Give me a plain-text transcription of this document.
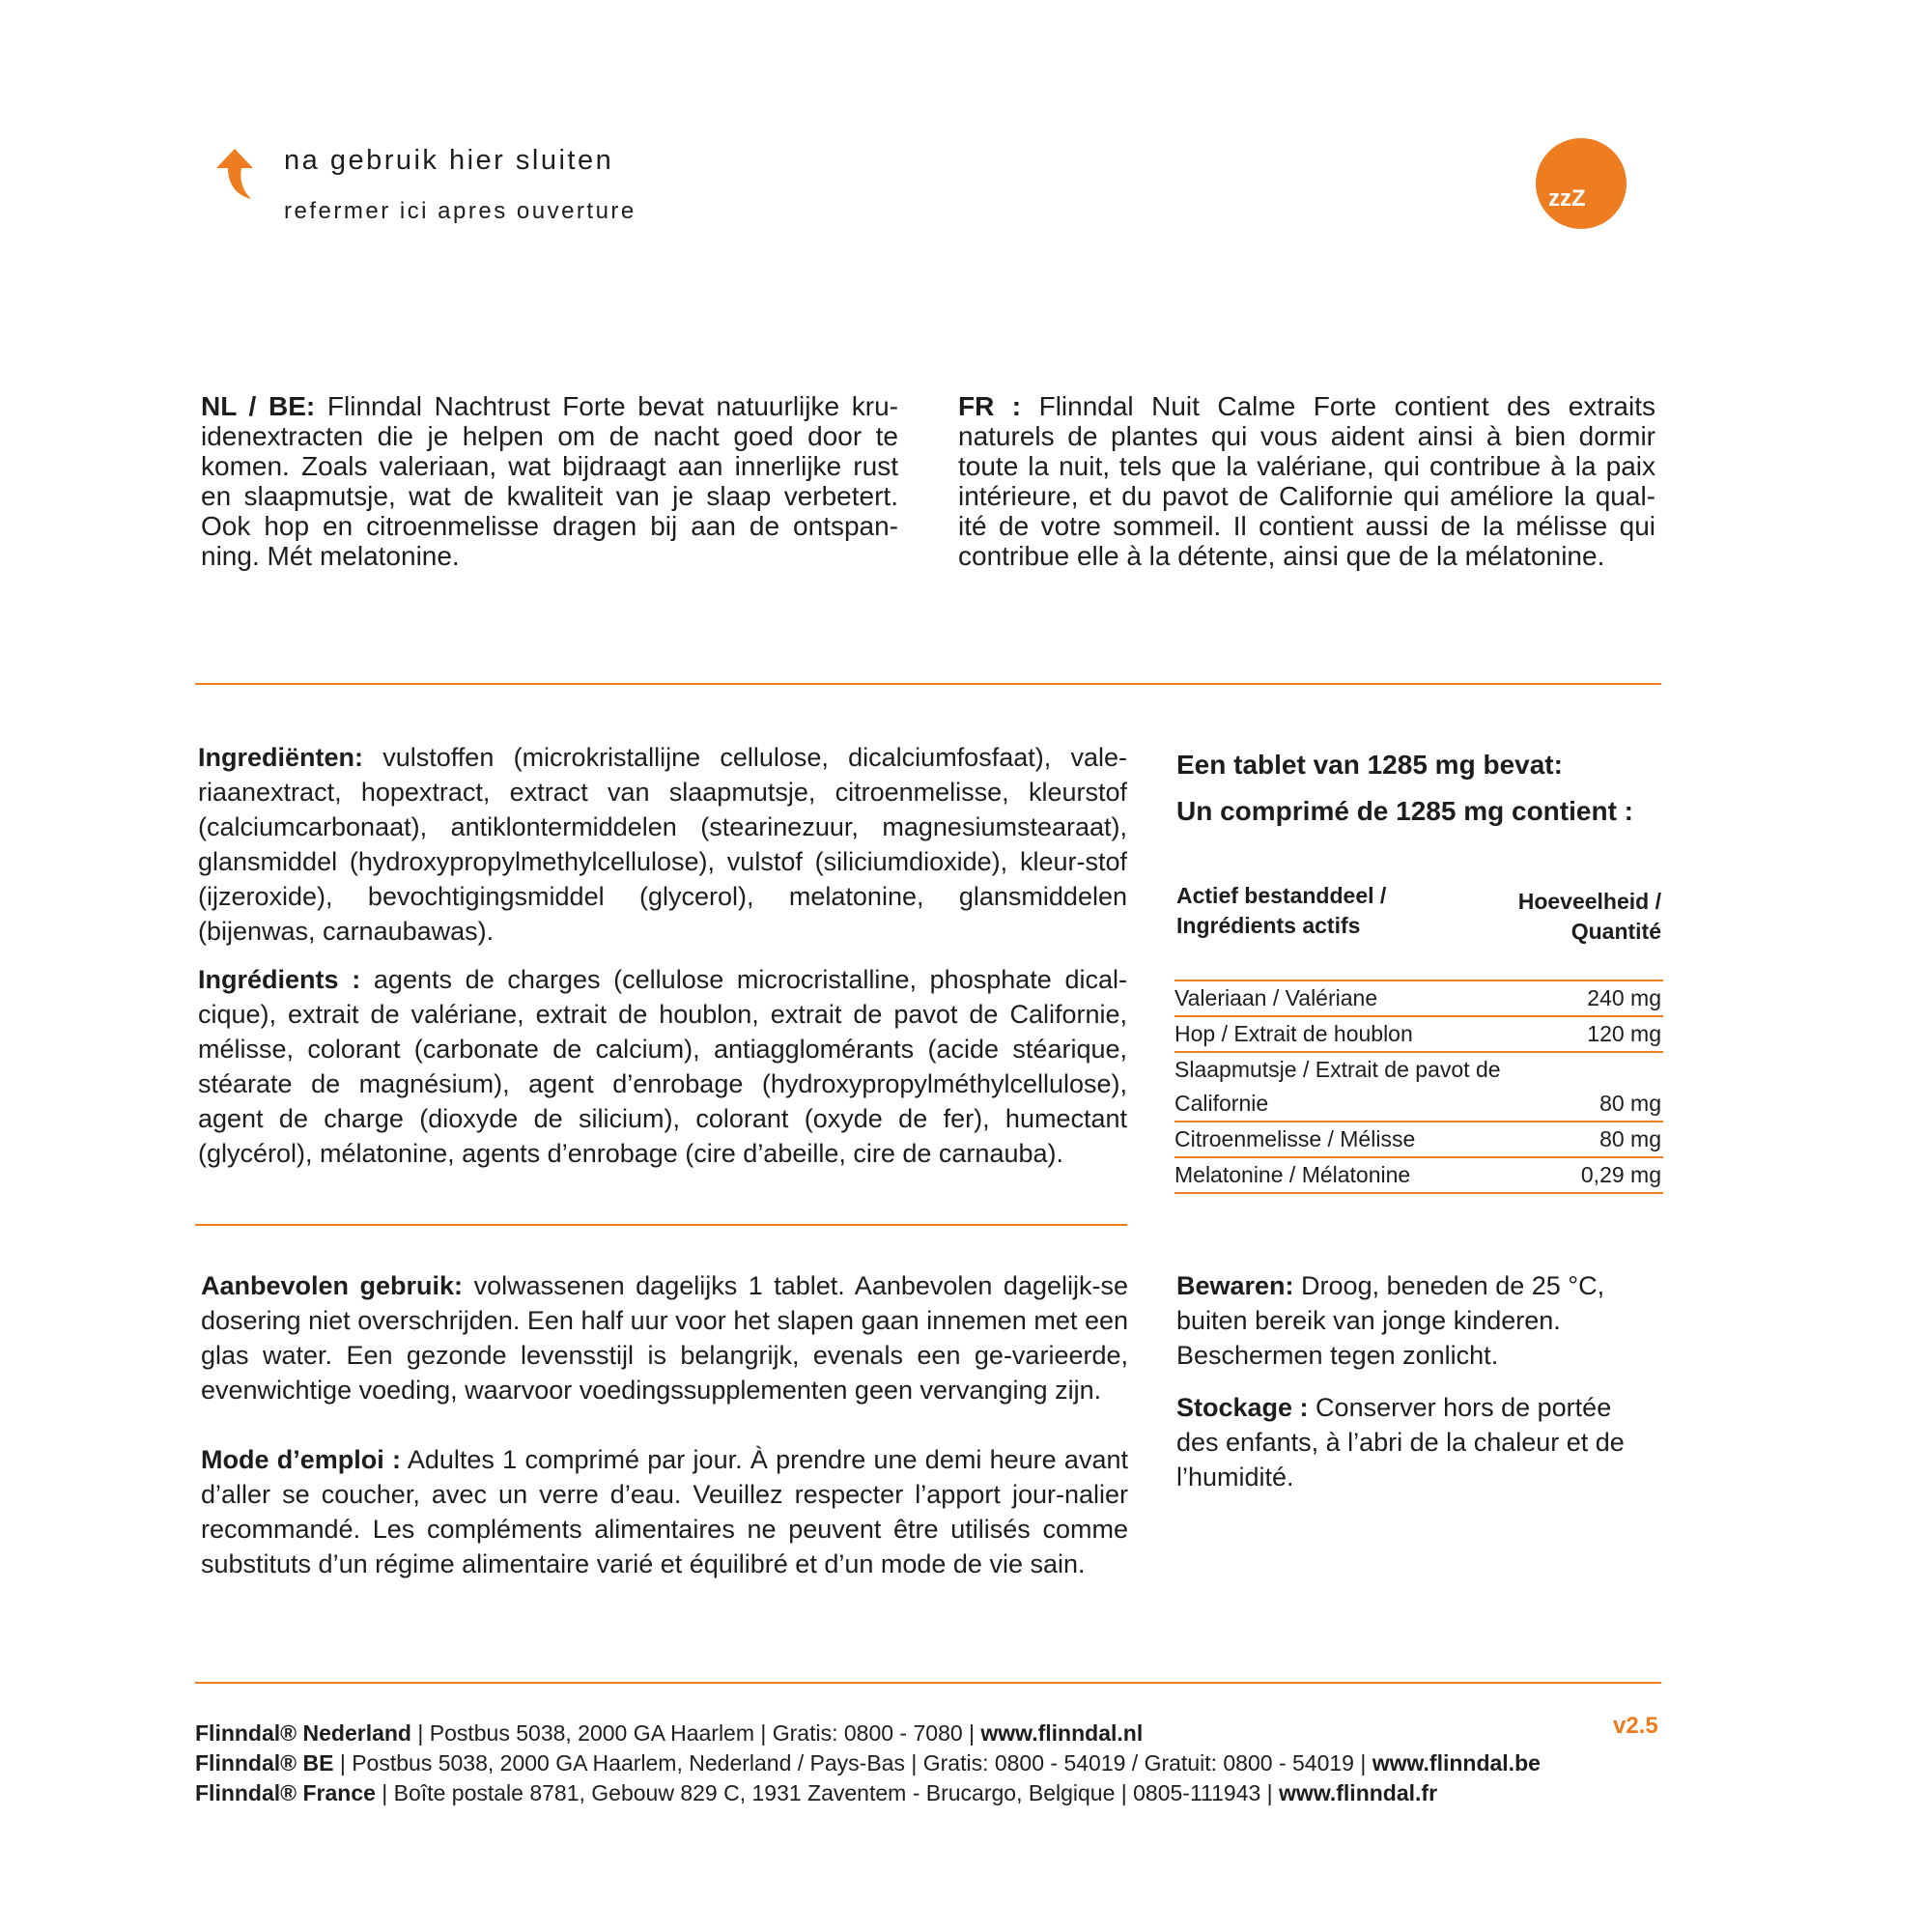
na gebruik hier sluiten
refermer ici apres ouverture	zzZ
NL / BE: Flinndal Nachtrust Forte bevat natuurlijke kru-idenextracten die je helpen om de nacht goed door te komen. Zoals valeriaan, wat bijdraagt aan innerlijke rust en slaapmutsje, wat de kwaliteit van je slaap verbetert. Ook hop en citroenmelisse dragen bij aan de ontspan-ning. Mét melatonine.
FR : Flinndal Nuit Calme Forte contient des extraits naturels de plantes qui vous aident ainsi à bien dormir toute la nuit, tels que la valériane, qui contribue à la paix intérieure, et du pavot de Californie qui améliore la qual-ité de votre sommeil. Il contient aussi de la mélisse qui contribue elle à la détente, ainsi que de la mélatonine.

Ingrediënten: vulstoffen (microkristallijne cellulose, dicalciumfosfaat), vale-riaanextract, hopextract, extract van slaapmutsje, citroenmelisse, kleurstof (calciumcarbonaat), antiklontermiddelen (stearinezuur, magnesiumstearaat), glansmiddel (hydroxypropylmethylcellulose), vulstof (siliciumdioxide), kleur-stof (ijzeroxide), bevochtigingsmiddel (glycerol), melatonine, glansmiddelen (bijenwas, carnaubawas).

Ingrédients : agents de charges (cellulose microcristalline, phosphate dical-cique), extrait de valériane, extrait de houblon, extrait de pavot de Californie, mélisse, colorant (carbonate de calcium), antiagglomérants (acide stéarique, stéarate de magnésium), agent d’enrobage (hydroxypropylméthylcellulose), agent de charge (dioxyde de silicium), colorant (oxyde de fer), humectant (glycérol), mélatonine, agents d’enrobage (cire d’abeille, cire de carnauba).

Een tablet van 1285 mg bevat:
Un comprimé de 1285 mg contient :
Actief bestanddeel /
Ingrédients actifs
Hoeveelheid /
Quantité
Valeriaan / Valériane	240 mg
Hop / Extrait de houblon	120 mg
Slaapmutsje / Extrait de pavot de
Californie	80 mg
Citroenmelisse / Mélisse	80 mg
Melatonine / Mélatonine	0,29 mg

Aanbevolen gebruik: volwassenen dagelijks 1 tablet. Aanbevolen dagelijk-se dosering niet overschrijden. Een half uur voor het slapen gaan innemen met een glas water. Een gezonde levensstijl is belangrijk, evenals een ge-varieerde, evenwichtige voeding, waarvoor voedingssupplementen geen vervanging zijn.

Mode d’emploi : Adultes 1 comprimé par jour. À prendre une demi heure avant d’aller se coucher, avec un verre d’eau. Veuillez respecter l’apport jour-nalier recommandé. Les compléments alimentaires ne peuvent être utilisés comme substituts d’un régime alimentaire varié et équilibré et d’un mode de vie sain.

Bewaren: Droog, beneden de 25 °C, buiten bereik van jonge kinderen. Beschermen tegen zonlicht.

Stockage : Conserver hors de portée des enfants, à l’abri de la chaleur et de l’humidité.

Flinndal® Nederland | Postbus 5038, 2000 GA Haarlem | Gratis: 0800 - 7080 | www.flinndal.nl
Flinndal® BE | Postbus 5038, 2000 GA Haarlem, Nederland / Pays-Bas | Gratis: 0800 - 54019 / Gratuit: 0800 - 54019 | www.flinndal.be
Flinndal® France | Boîte postale 8781, Gebouw 829 C, 1931 Zaventem - Brucargo, Belgique | 0805-111943 | www.flinndal.fr
v2.5
